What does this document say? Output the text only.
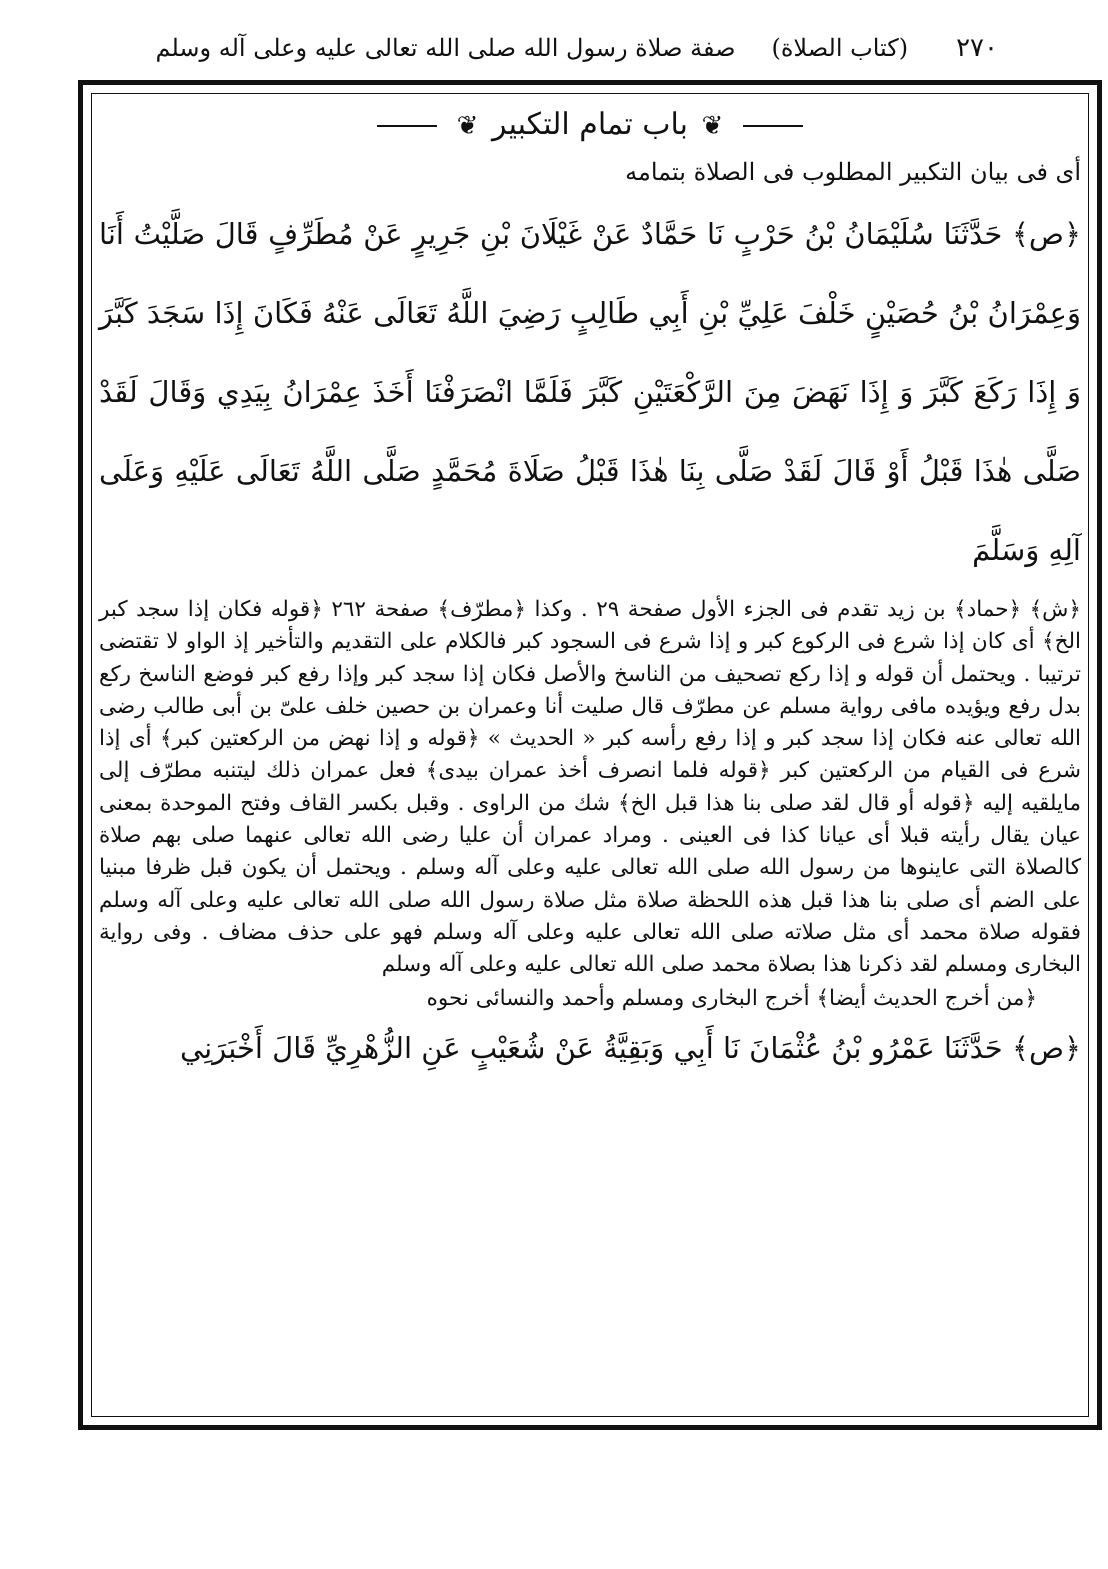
٢٧٠
(كتاب الصلاة)
صفة صلاة رسول الله صلى الله تعالى عليه وعلى آله وسلم
❦ باب تمام التكبير ❦
أى فى بيان التكبير المطلوب فى الصلاة بتمامه
﴿ص﴾ حَدَّثَنَا سُلَيْمَانُ بْنُ حَرْبٍ نَا حَمَّادٌ عَنْ غَيْلَانَ بْنِ جَرِيرٍ عَنْ مُطَرِّفٍ قَالَ صَلَّيْتُ أَنَا وَعِمْرَانُ بْنُ حُصَيْنٍ خَلْفَ عَلِيِّ بْنِ أَبِي طَالِبٍ رَضِيَ اللَّهُ تَعَالَى عَنْهُ فَكَانَ إِذَا سَجَدَ كَبَّرَ وَ إِذَا رَكَعَ كَبَّرَ وَ إِذَا نَهَضَ مِنَ الرَّكْعَتَيْنِ كَبَّرَ فَلَمَّا انْصَرَفْنَا أَخَذَ عِمْرَانُ بِيَدِي وَقَالَ لَقَدْ صَلَّى هٰذَا قَبْلُ أَوْ قَالَ لَقَدْ صَلَّى بِنَا هٰذَا قَبْلُ صَلَاةَ مُحَمَّدٍ صَلَّى اللَّهُ تَعَالَى عَلَيْهِ وَعَلَى آلِهِ وَسَلَّمَ
﴿ش﴾ ﴿حماد﴾ بن زيد تقدم فى الجزء الأول صفحة ٢٩ . وكذا ﴿مطرّف﴾ صفحة ٢٦٢ ﴿قوله فكان إذا سجد كبر الخ﴾ أى كان إذا شرع فى الركوع كبر و إذا شرع فى السجود كبر فالكلام على التقديم والتأخير إذ الواو لا تقتضى ترتيبا . ويحتمل أن قوله و إذا ركع تصحيف من الناسخ والأصل فكان إذا سجد كبر وإذا رفع كبر فوضع الناسخ ركع بدل رفع ويؤيده مافى رواية مسلم عن مطرّف قال صليت أنا وعمران بن حصين خلف علىّ بن أبى طالب رضى الله تعالى عنه فكان إذا سجد كبر و إذا رفع رأسه كبر « الحديث » ﴿قوله و إذا نهض من الركعتين كبر﴾ أى إذا شرع فى القيام من الركعتين كبر ﴿قوله فلما انصرف أخذ عمران بيدى﴾ فعل عمران ذلك ليتنبه مطرّف إلى مايلقيه إليه ﴿قوله أو قال لقد صلى بنا هذا قبل الخ﴾ شك من الراوى . وقبل بكسر القاف وفتح الموحدة بمعنى عيان يقال رأيته قبلا أى عيانا كذا فى العينى . ومراد عمران أن عليا رضى الله تعالى عنهما صلى بهم صلاة كالصلاة التى عاينوها من رسول الله صلى الله تعالى عليه وعلى آله وسلم . ويحتمل أن يكون قبل ظرفا مبنيا على الضم أى صلى بنا هذا قبل هذه اللحظة صلاة مثل صلاة رسول الله صلى الله تعالى عليه وعلى آله وسلم فقوله صلاة محمد أى مثل صلاته صلى الله تعالى عليه وعلى آله وسلم فهو على حذف مضاف . وفى رواية البخارى ومسلم لقد ذكرنا هذا بصلاة محمد صلى الله تعالى عليه وعلى آله وسلم
﴿من أخرج الحديث أيضا﴾ أخرج البخارى ومسلم وأحمد والنسائى نحوه
﴿ص﴾ حَدَّثَنَا عَمْرُو بْنُ عُثْمَانَ نَا أَبِي وَبَقِيَّةُ عَنْ شُعَيْبٍ عَنِ الزُّهْرِيِّ قَالَ أَخْبَرَنِي
